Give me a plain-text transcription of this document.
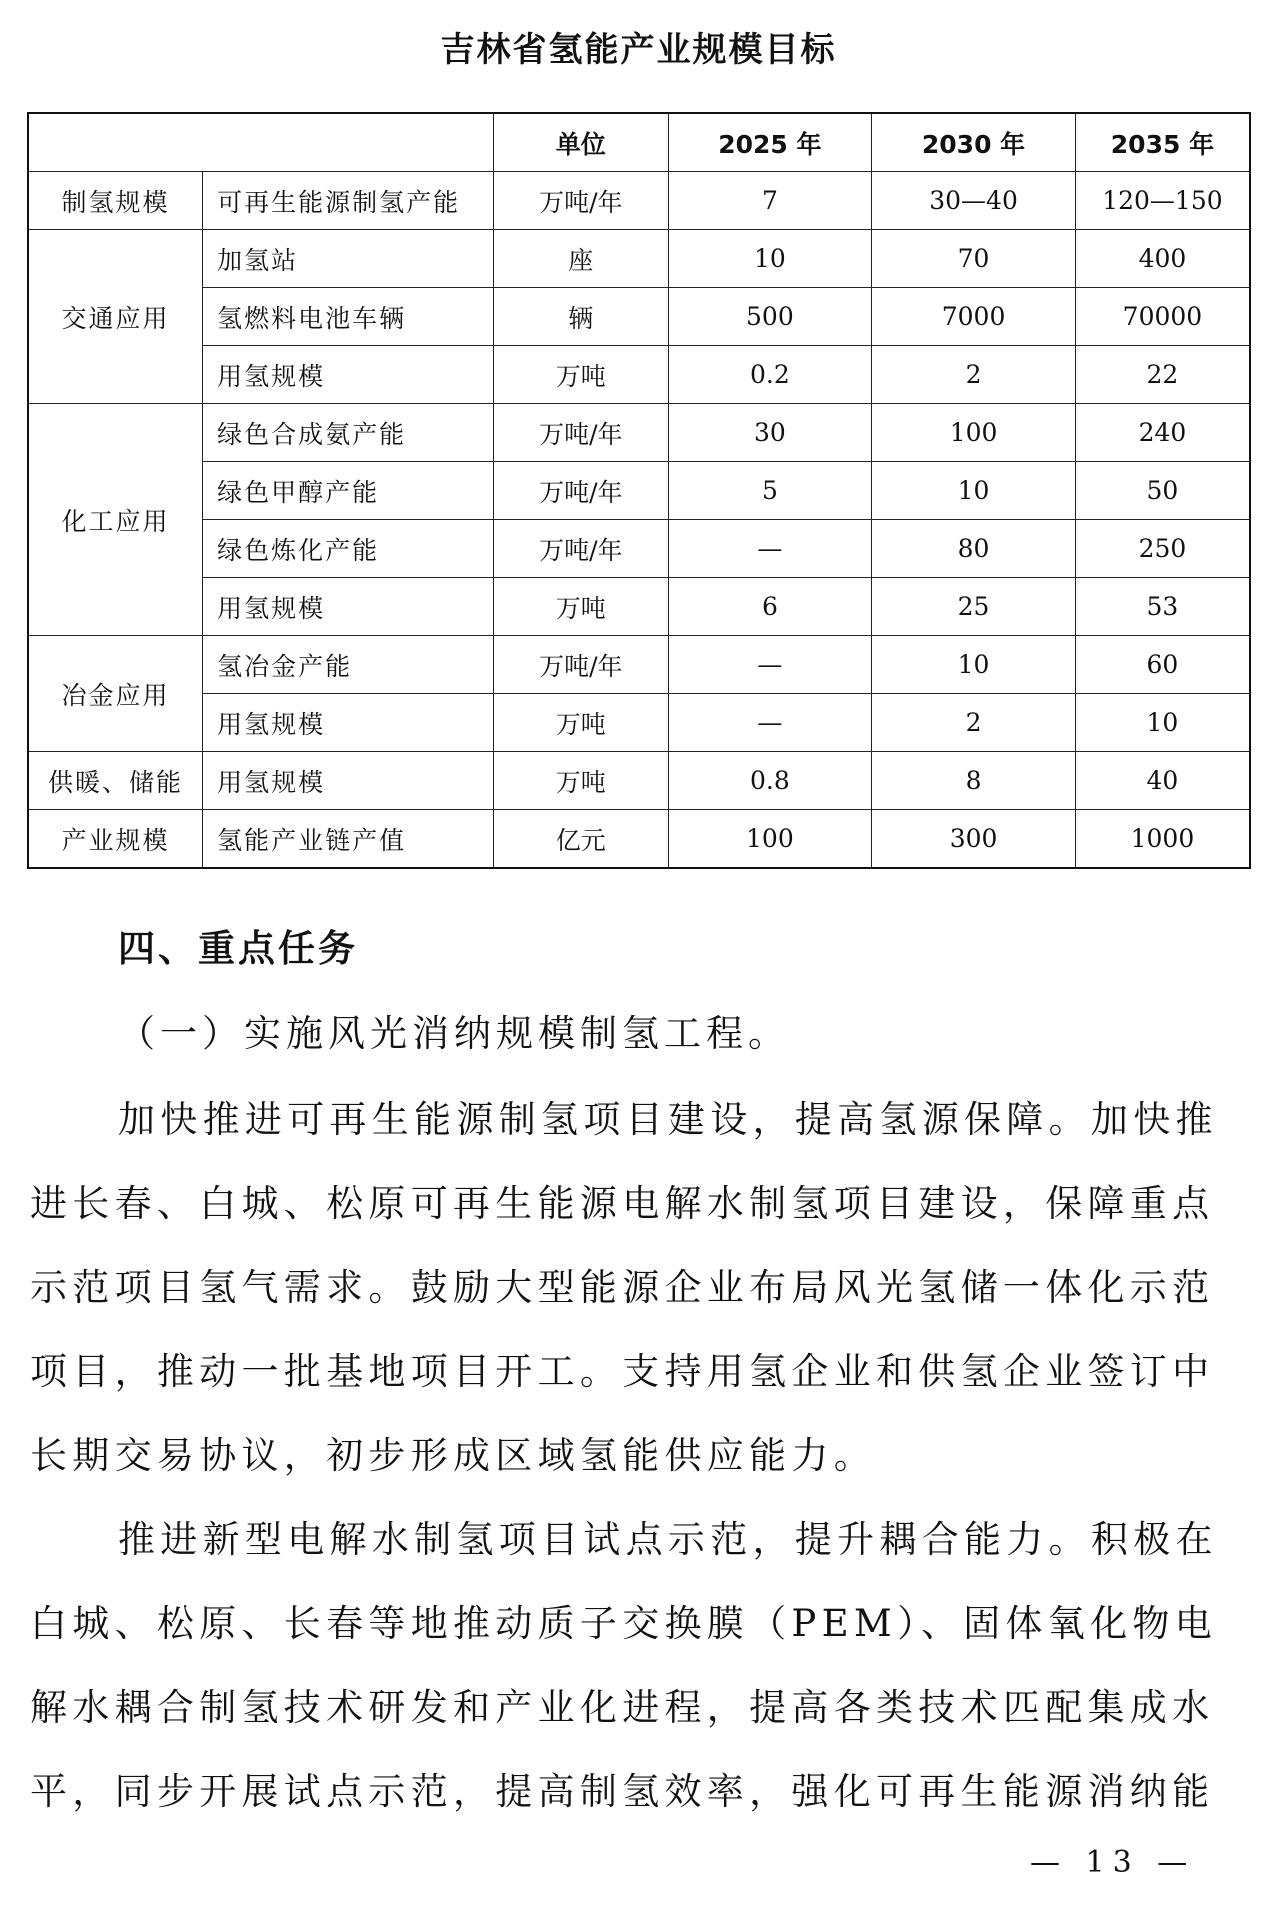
吉林省氢能产业规模目标
		单位	2025 年	2030 年	2035 年
制氢规模	可再生能源制氢产能	万吨/年	7	30—40	120—150
交通应用	加氢站	座	10	70	400
	氢燃料电池车辆	辆	500	7000	70000
	用氢规模	万吨	0.2	2	22
化工应用	绿色合成氨产能	万吨/年	30	100	240
	绿色甲醇产能	万吨/年	5	10	50
	绿色炼化产能	万吨/年	—	80	250
	用氢规模	万吨	6	25	53
冶金应用	氢冶金产能	万吨/年	—	10	60
	用氢规模	万吨	—	2	10
供暖、储能	用氢规模	万吨	0.8	8	40
产业规模	氢能产业链产值	亿元	100	300	1000
四、重点任务
（一）实施风光消纳规模制氢工程。
加快推进可再生能源制氢项目建设，提高氢源保障。加快推
进长春、白城、松原可再生能源电解水制氢项目建设，保障重点
示范项目氢气需求。鼓励大型能源企业布局风光氢储一体化示范
项目，推动一批基地项目开工。支持用氢企业和供氢企业签订中
长期交易协议，初步形成区域氢能供应能力。
推进新型电解水制氢项目试点示范，提升耦合能力。积极在
白城、松原、长春等地推动质子交换膜（PEM）、固体氧化物电
解水耦合制氢技术研发和产业化进程，提高各类技术匹配集成水
平，同步开展试点示范，提高制氢效率，强化可再生能源消纳能
— 13 —
